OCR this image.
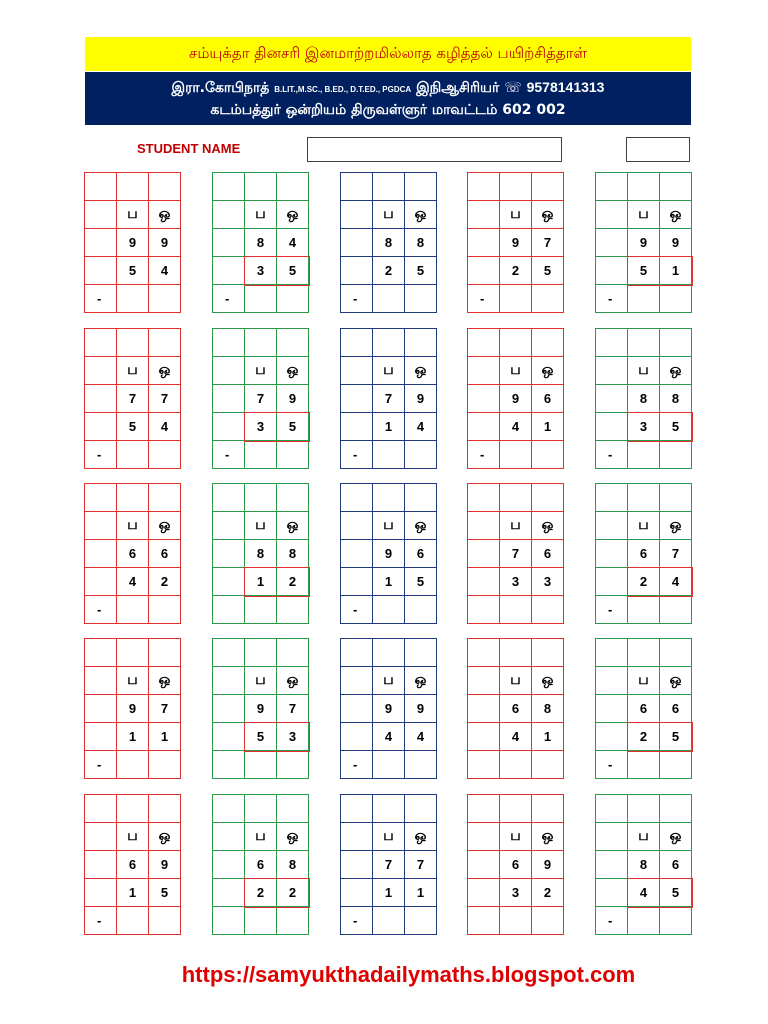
சம்யுக்தா தினசரி இனமாற்றமில்லாத கழித்தல் பயிற்சித்தாள்
இரா.கோபிநாத் B.LIT.,M.SC., B.ED., D.T.ED., PGDCA இநிஆசிரியர் ☏ 9578141313
கடம்பத்துர் ஒன்றியம் திருவள்ளுர் மாவட்டம் 602 002
STUDENT NAME

	ப	ஒ
	9	9
	5	4
-		

	ப	ஒ
	8	4
	3	5
-		

	ப	ஒ
	8	8
	2	5
-		

	ப	ஒ
	9	7
	2	5
-		

	ப	ஒ
	9	9
	5	1
-		

	ப	ஒ
	7	7
	5	4
-		

	ப	ஒ
	7	9
	3	5
-		

	ப	ஒ
	7	9
	1	4
-		

	ப	ஒ
	9	6
	4	1
-		

	ப	ஒ
	8	8
	3	5
-		

	ப	ஒ
	6	6
	4	2
-		

	ப	ஒ
	8	8
	1	2

	ப	ஒ
	9	6
	1	5
-		

	ப	ஒ
	7	6
	3	3

	ப	ஒ
	6	7
	2	4
-		

	ப	ஒ
	9	7
	1	1
-		

	ப	ஒ
	9	7
	5	3

	ப	ஒ
	9	9
	4	4
-		

	ப	ஒ
	6	8
	4	1

	ப	ஒ
	6	6
	2	5
-		

	ப	ஒ
	6	9
	1	5
-		

	ப	ஒ
	6	8
	2	2

	ப	ஒ
	7	7
	1	1
-		

	ப	ஒ
	6	9
	3	2

	ப	ஒ
	8	6
	4	5
-		
https://samyukthadailymaths.blogspot.com
